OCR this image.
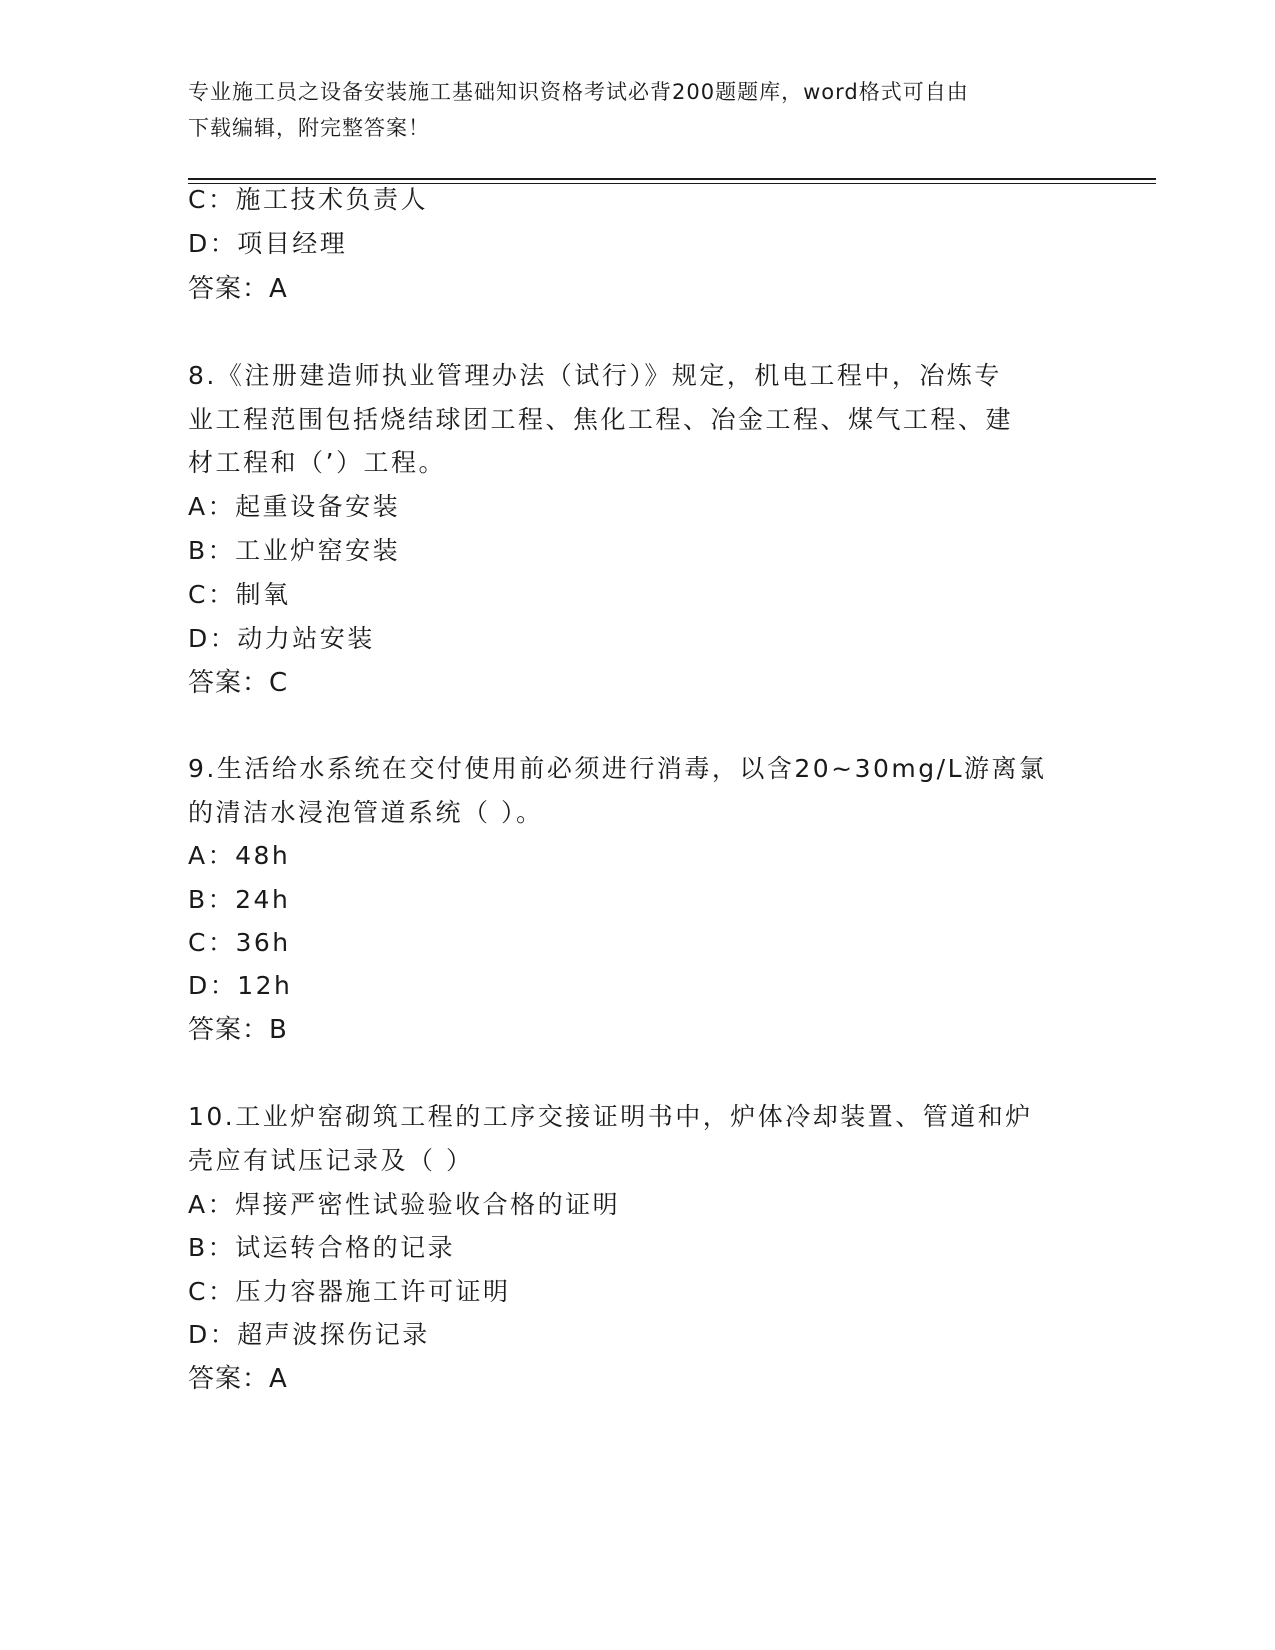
专业施工员之设备安装施工基础知识资格考试必背200题题库，word格式可自由
下载编辑，附完整答案！
C：施工技术负责人
D：项目经理
答案：A
8.《注册建造师执业管理办法（试行）》规定，机电工程中，冶炼专
业工程范围包括烧结球团工程、焦化工程、冶金工程、煤气工程、建
材工程和（’）工程。
A：起重设备安装
B：工业炉窑安装
C：制氧
D：动力站安装
答案：C
9.生活给水系统在交付使用前必须进行消毒，以含20~30mg/L游离氯
的清洁水浸泡管道系统（ ）。
A：48h
B：24h
C：36h
D：12h
答案：B
10.工业炉窑砌筑工程的工序交接证明书中，炉体冷却装置、管道和炉
壳应有试压记录及（ ）
A：焊接严密性试验验收合格的证明
B：试运转合格的记录
C：压力容器施工许可证明
D：超声波探伤记录
答案：A
